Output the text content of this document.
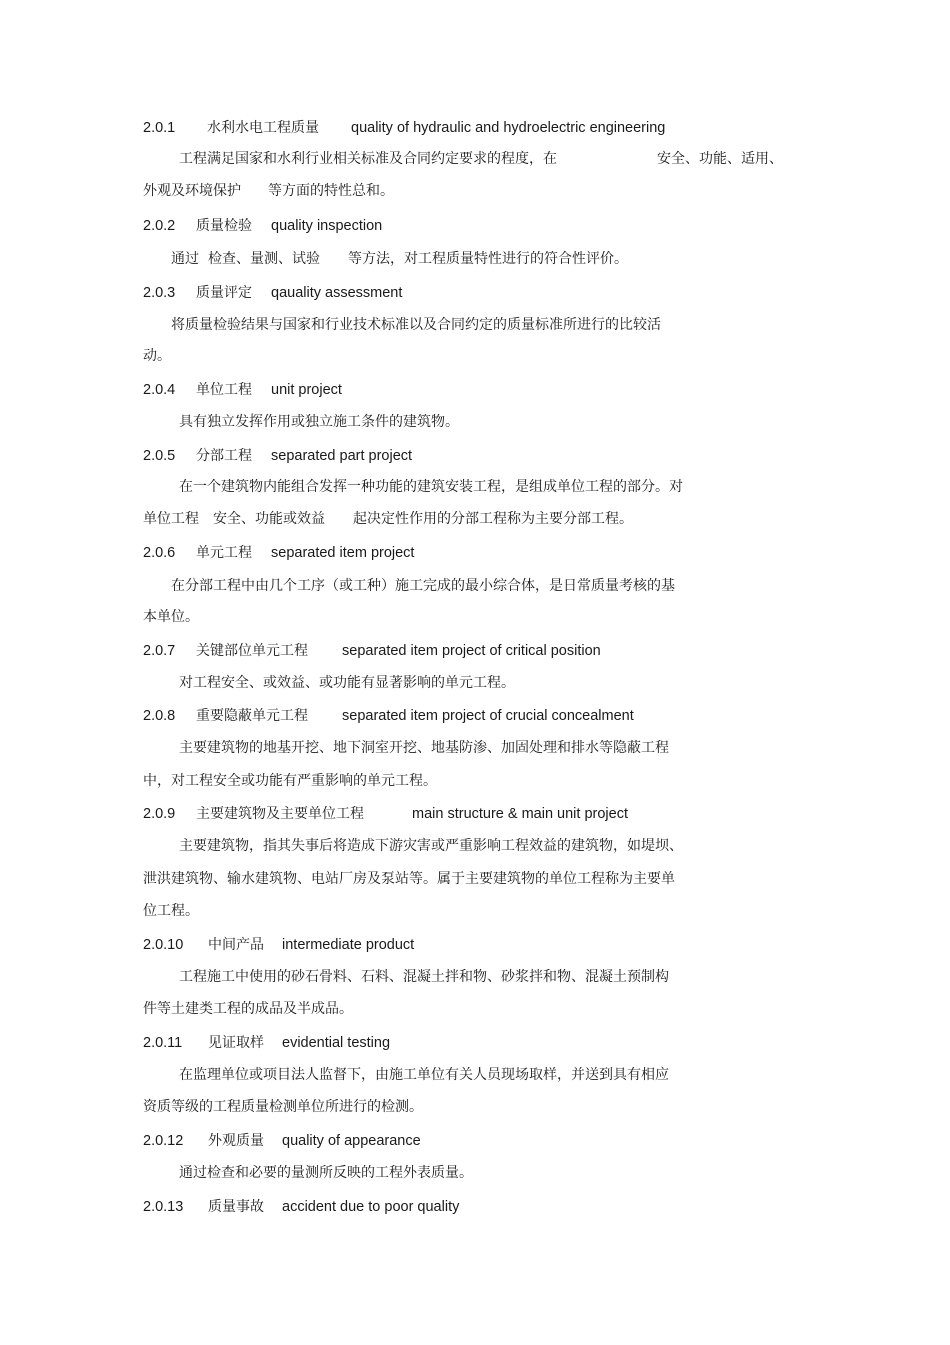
2.0.1 水利水电工程质量 quality of hydraulic and hydroelectric engineering
工程满足国家和水利行业相关标准及合同约定要求的程度，在	安全、功能、适用、
外观及环境保护 等方面的特性总和。
2.0.2 质量检验 quality inspection
通过 检查、量测、试验 等方法，对工程质量特性进行的符合性评价。
2.0.3 质量评定 qauality assessment
将质量检验结果与国家和行业技术标准以及合同约定的质量标准所进行的比较活
动。
2.0.4 单位工程 unit project
具有独立发挥作用或独立施工条件的建筑物。
2.0.5 分部工程 separated part project
在一个建筑物内能组合发挥一种功能的建筑安装工程，是组成单位工程的部分。对
单位工程 安全、功能或效益 起决定性作用的分部工程称为主要分部工程。
2.0.6 单元工程 separated item project
在分部工程中由几个工序（或工种）施工完成的最小综合体，是日常质量考核的基
本单位。
2.0.7 关键部位单元工程 separated item project of critical position
对工程安全、或效益、或功能有显著影响的单元工程。
2.0.8 重要隐蔽单元工程 separated item project of crucial concealment
主要建筑物的地基开挖、地下洞室开挖、地基防渗、加固处理和排水等隐蔽工程
中，对工程安全或功能有严重影响的单元工程。
2.0.9 主要建筑物及主要单位工程	main structure & main unit project
主要建筑物，指其失事后将造成下游灾害或严重影响工程效益的建筑物，如堤坝、
泄洪建筑物、输水建筑物、电站厂房及泵站等。属于主要建筑物的单位工程称为主要单
位工程。
2.0.10 中间产品 intermediate product
工程施工中使用的砂石骨料、石料、混凝土拌和物、砂浆拌和物、混凝土预制构
件等土建类工程的成品及半成品。
2.0.11 见证取样 evidential testing
在监理单位或项目法人监督下，由施工单位有关人员现场取样，并送到具有相应
资质等级的工程质量检测单位所进行的检测。
2.0.12 外观质量 quality of appearance
通过检查和必要的量测所反映的工程外表质量。
2.0.13 质量事故 accident due to poor quality
